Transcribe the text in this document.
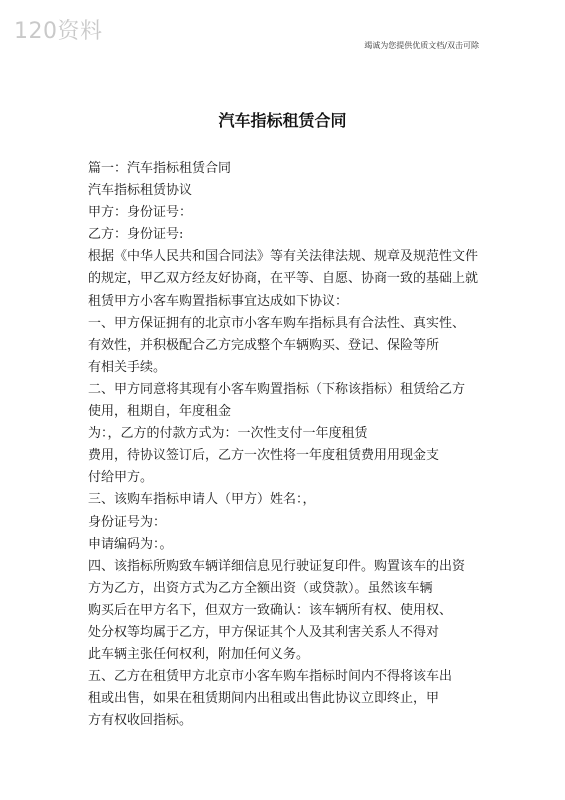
120资料
竭诚为您提供优质文档/双击可除
汽车指标租赁合同
篇一：汽车指标租赁合同
汽车指标租赁协议
甲方：身份证号：
乙方：身份证号:
根据《中华人民共和国合同法》等有关法律法规、规章及规范性文件
的规定，甲乙双方经友好协商，在平等、自愿、协商一致的基础上就
租赁甲方小客车购置指标事宜达成如下协议：
一、甲方保证拥有的北京市小客车购车指标具有合法性、真实性、
有效性，并积极配合乙方完成整个车辆购买、登记、保险等所
有相关手续。
二、甲方同意将其现有小客车购置指标（下称该指标）租赁给乙方
使用，租期自，年度租金
为：，乙方的付款方式为：一次性支付一年度租赁
费用，待协议签订后，乙方一次性将一年度租赁费用用现金支
付给甲方。
三、该购车指标申请人（甲方）姓名：，
身份证号为：
申请编码为：。
四、该指标所购致车辆详细信息见行驶证复印件。购置该车的出资
方为乙方，出资方式为乙方全额出资（或贷款）。虽然该车辆
购买后在甲方名下，但双方一致确认：该车辆所有权、使用权、
处分权等均属于乙方，甲方保证其个人及其利害关系人不得对
此车辆主张任何权利，附加任何义务。
五、乙方在租赁甲方北京市小客车购车指标时间内不得将该车出
租或出售，如果在租赁期间内出租或出售此协议立即终止，甲
方有权收回指标。
